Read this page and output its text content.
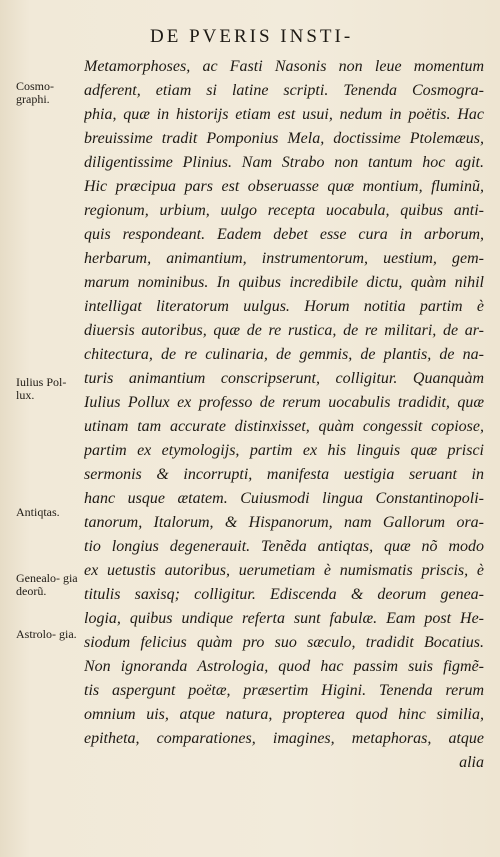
DE PVERIS INSTI-
Metamorphoses, ac Fasti Nasonis non leue momentum
adferent, etiam si latine scripti. Tenenda Cosmogra-
phia, quæ in historijs etiam est usui, nedum in poëtis. Hac
breuissime tradit Pomponius Mela, doctissime Ptolemæus,
diligentissime Plinius. Nam Strabo non tantum hoc agit.
Hic præcipua pars est obseruasse quæ montium, fluminũ,
regionum, urbium, uulgo recepta uocabula, quibus anti-
quis respondeant. Eadem debet esse cura in arborum,
herbarum, animantium, instrumentorum, uestium, gem-
marum nominibus. In quibus incredibile dictu, quàm nihil
intelligat literatorum uulgus. Horum notitia partim è
diuersis autoribus, quæ de re rustica, de re militari, de ar-
chitectura, de re culinaria, de gemmis, de plantis, de na-
turis animantium conscripserunt, colligitur. Quanquàm
Iulius Pollux ex professo de rerum uocabulis tradidit, quæ
utinam tam accurate distinxisset, quàm congessit copiose,
partim ex etymologijs, partim ex his linguis quæ prisci
sermonis & incorrupti, manifesta uestigia seruant in
hanc usque ætatem. Cuiusmodi lingua Constantinopoli-
tanorum, Italorum, & Hispanorum, nam Gallorum ora-
tio longius degenerauit. Tenẽda antiqtas, quæ nõ modo
ex uetustis autoribus, uerumetiam è numismatis priscis, è
titulis saxisq; colligitur. Ediscenda & deorum genea-
logia, quibus undique referta sunt fabulæ. Eam post He-
siodum felicius quàm pro suo sæculo, tradidit Bocatius.
Non ignoranda Astrologia, quod hac passim suis figmẽ-
tis aspergunt poëtæ, præsertim Higini. Tenenda rerum
omnium uis, atque natura, propterea quod hinc similia,
epitheta, comparationes, imagines, metaphoras, atque
alia
Cosmo- graphi.
Iulius Pol- lux.
Antiqtas.
Genealo- gia deorũ.
Astrolo- gia.
